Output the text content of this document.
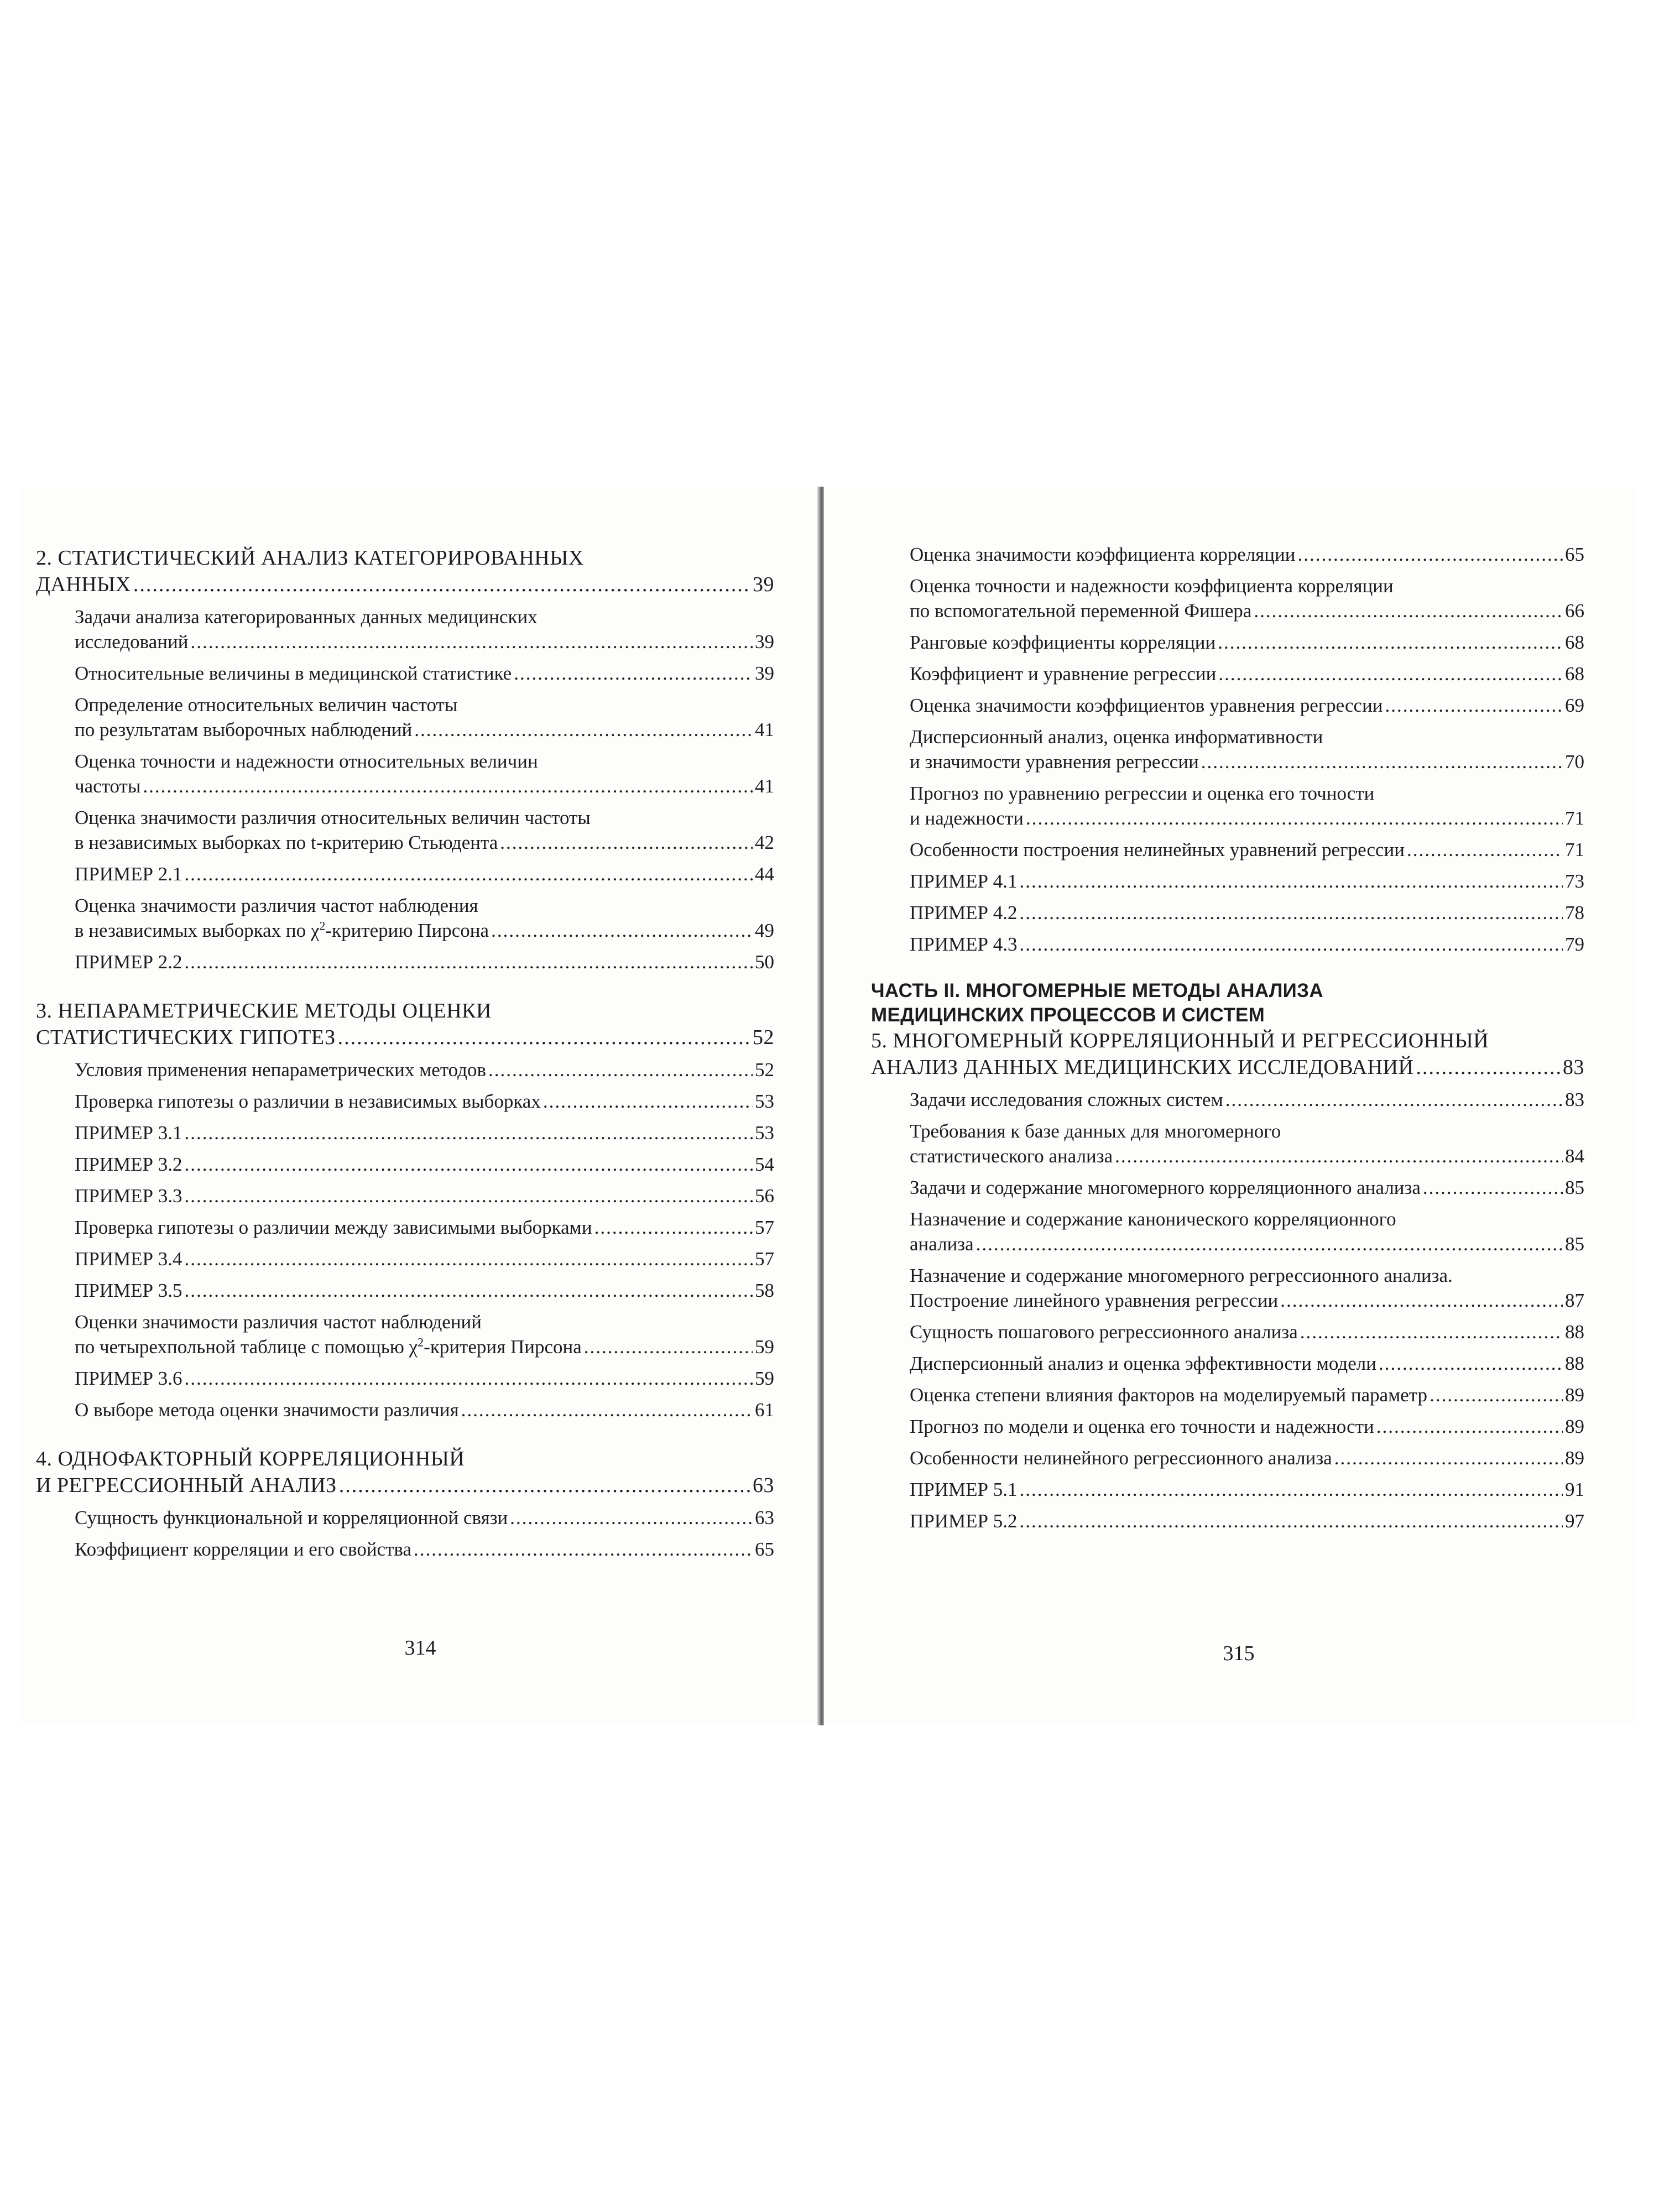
2. СТАТИСТИЧЕСКИЙ АНАЛИЗ КАТЕГОРИРОВАННЫХ
ДАННЫХ .....	39
Задачи анализа категорированных данных медицинских
исследований .....	39
Относительные величины в медицинской статистике .....	39
Определение относительных величин частоты
по результатам выборочных наблюдений .....	41
Оценка точности и надежности относительных величин
частоты .....	41
Оценка значимости различия относительных величин частоты
в независимых выборках по t-критерию Стьюдента .....	42
ПРИМЕР 2.1 .....	44
Оценка значимости различия частот наблюдения
в независимых выборках по $\chi^2$-критерию Пирсона .....	49
ПРИМЕР 2.2 .....	50
3. НЕПАРАМЕТРИЧЕСКИЕ МЕТОДЫ ОЦЕНКИ
СТАТИСТИЧЕСКИХ ГИПОТЕЗ .....	52
Условия применения непараметрических методов .....	52
Проверка гипотезы о различии в независимых выборках .....	53
ПРИМЕР 3.1 .....	53
ПРИМЕР 3.2 .....	54
ПРИМЕР 3.3 .....	56
Проверка гипотезы о различии между зависимыми выборками .....	57
ПРИМЕР 3.4 .....	57
ПРИМЕР 3.5 .....	58
Оценки значимости различия частот наблюдений
по четырехпольной таблице с помощью $\chi^2$-критерия Пирсона .....	59
ПРИМЕР 3.6 .....	59
О выборе метода оценки значимости различия .....	61
4. ОДНОФАКТОРНЫЙ КОРРЕЛЯЦИОННЫЙ
И РЕГРЕССИОННЫЙ АНАЛИЗ .....	63
Сущность функциональной и корреляционной связи .....	63
Коэффициент корреляции и его свойства .....	65
314
Оценка значимости коэффициента корреляции .....	65
Оценка точности и надежности коэффициента корреляции
по вспомогательной переменной Фишера .....	66
Ранговые коэффициенты корреляции .....	68
Коэффициент и уравнение регрессии .....	68
Оценка значимости коэффициентов уравнения регрессии .....	69
Дисперсионный анализ, оценка информативности
и значимости уравнения регрессии .....	70
Прогноз по уравнению регрессии и оценка его точности
и надежности .....	71
Особенности построения нелинейных уравнений регрессии .....	71
ПРИМЕР 4.1 .....	73
ПРИМЕР 4.2 .....	78
ПРИМЕР 4.3 .....	79
ЧАСТЬ II. МНОГОМЕРНЫЕ МЕТОДЫ АНАЛИЗА
МЕДИЦИНСКИХ ПРОЦЕССОВ И СИСТЕМ
5. МНОГОМЕРНЫЙ КОРРЕЛЯЦИОННЫЙ И РЕГРЕССИОННЫЙ
АНАЛИЗ ДАННЫХ МЕДИЦИНСКИХ ИССЛЕДОВАНИЙ .....	83
Задачи исследования сложных систем .....	83
Требования к базе данных для многомерного
статистического анализа .....	84
Задачи и содержание многомерного корреляционного анализа .....	85
Назначение и содержание канонического корреляционного
анализа .....	85
Назначение и содержание многомерного регрессионного анализа.
Построение линейного уравнения регрессии .....	87
Сущность пошагового регрессионного анализа .....	88
Дисперсионный анализ и оценка эффективности модели .....	88
Оценка степени влияния факторов на моделируемый параметр .....	89
Прогноз по модели и оценка его точности и надежности .....	89
Особенности нелинейного регрессионного анализа .....	89
ПРИМЕР 5.1 .....	91
ПРИМЕР 5.2 .....	97
315
